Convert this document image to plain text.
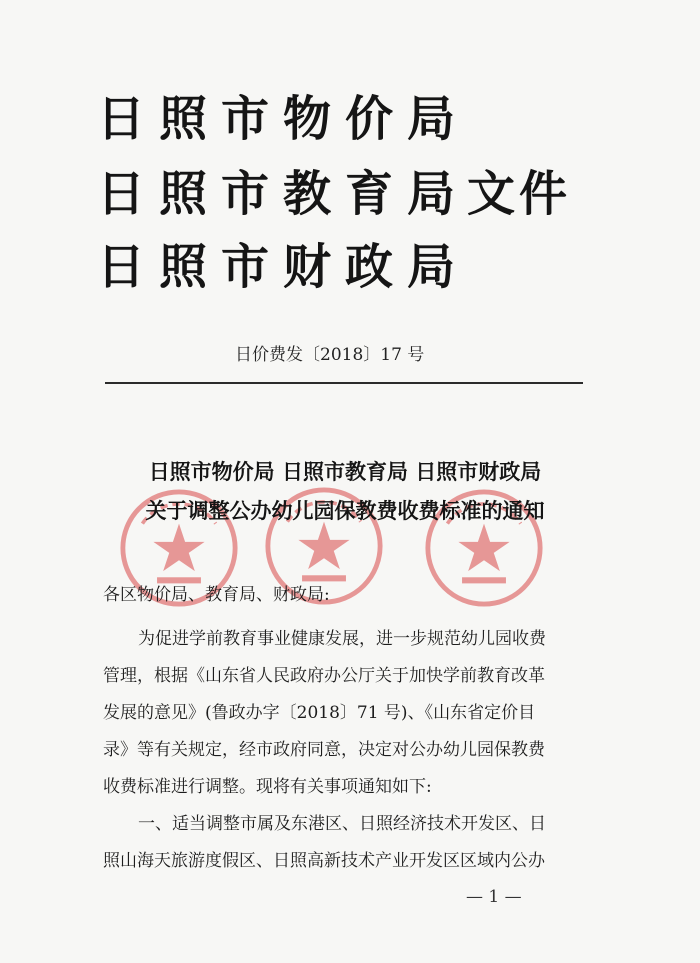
日照市物价局
日照市教育局
日照市财政局
文件
日价费发〔2018〕17 号
日照市物价局 日照市教育局 日照市财政局
关于调整公办幼儿园保教费收费标准的通知
各区物价局、教育局、财政局:
为促进学前教育事业健康发展，进一步规范幼儿园收费
管理，根据《山东省人民政府办公厅关于加快学前教育改革
发展的意见》(鲁政办字〔2018〕71 号)、《山东省定价目
录》等有关规定，经市政府同意，决定对公办幼儿园保教费
收费标准进行调整。现将有关事项通知如下:
一、适当调整市属及东港区、日照经济技术开发区、日
照山海天旅游度假区、日照高新技术产业开发区区域内公办
— 1 —
